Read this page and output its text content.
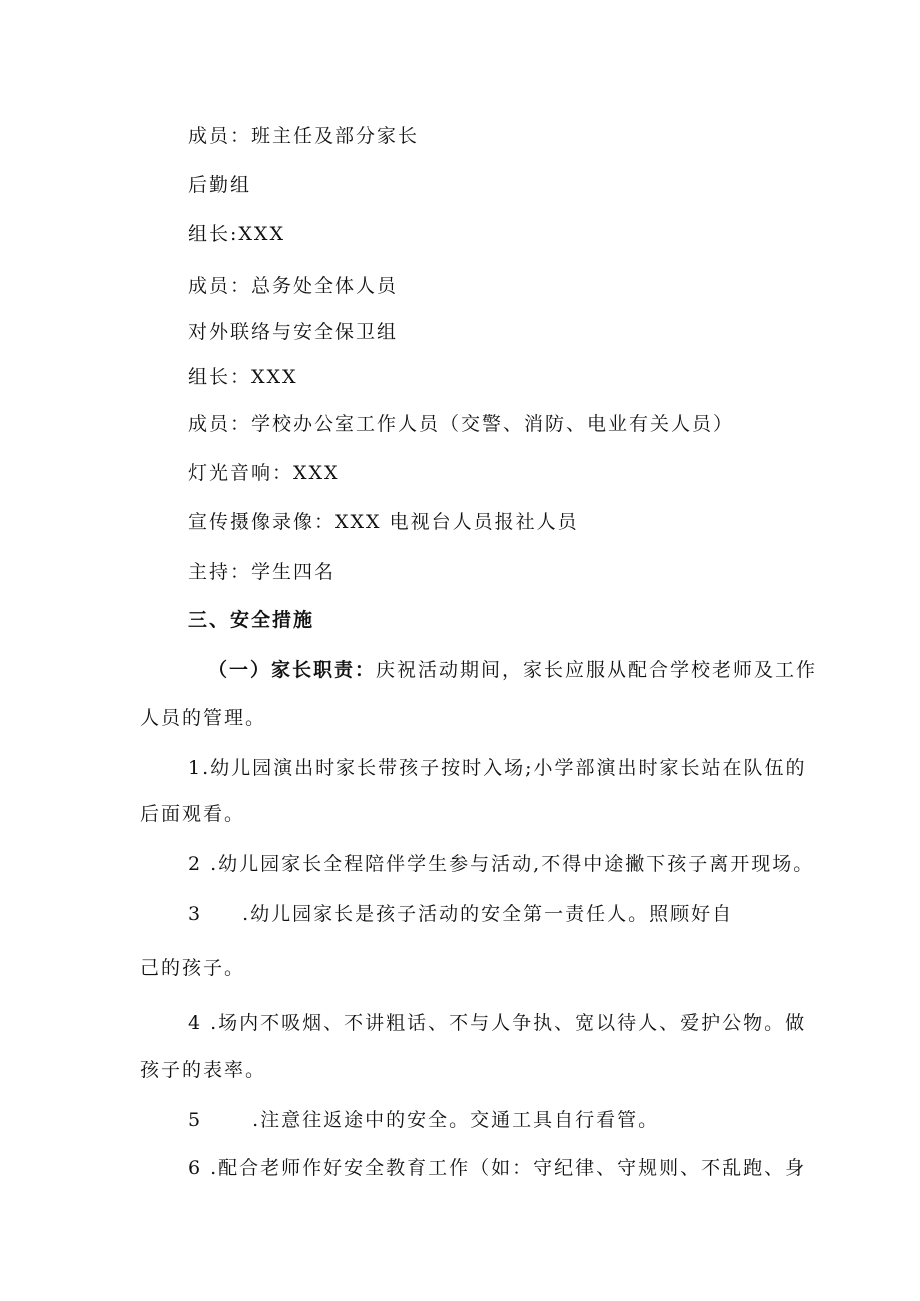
成员：班主任及部分家长

后勤组

组长:XXX

成员：总务处全体人员

对外联络与安全保卫组

组长：XXX

成员：学校办公室工作人员（交警、消防、电业有关人员）

灯光音响：XXX

宣传摄像录像：XXX 电视台人员报社人员

主持：学生四名

三、安全措施

（一）家长职责：庆祝活动期间，家长应服从配合学校老师及工作

人员的管理。

1.幼儿园演出时家长带孩子按时入场;小学部演出时家长站在队伍的

后面观看。

2 .幼儿园家长全程陪伴学生参与活动,不得中途撇下孩子离开现场。

3 .幼儿园家长是孩子活动的安全第一责任人。照顾好自

己的孩子。

4 .场内不吸烟、不讲粗话、不与人争执、宽以待人、爱护公物。做

孩子的表率。

5	.注意往返途中的安全。交通工具自行看管。

6 .配合老师作好安全教育工作（如：守纪律、守规则、不乱跑、身
